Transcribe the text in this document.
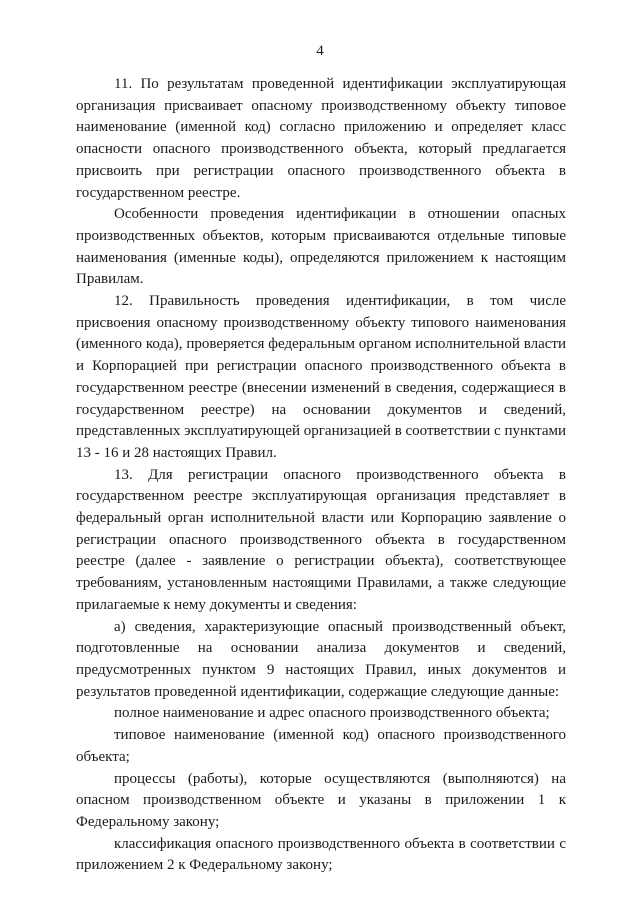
4

11. По результатам проведенной идентификации эксплуатирующая организация присваивает опасному производственному объекту типовое наименование (именной код) согласно приложению и определяет класс опасности опасного производственного объекта, который предлагается присвоить при регистрации опасного производственного объекта в государственном реестре.

Особенности проведения идентификации в отношении опасных производственных объектов, которым присваиваются отдельные типовые наименования (именные коды), определяются приложением к настоящим Правилам.

12. Правильность проведения идентификации, в том числе присвоения опасному производственному объекту типового наименования (именного кода), проверяется федеральным органом исполнительной власти и Корпорацией при регистрации опасного производственного объекта в государственном реестре (внесении изменений в сведения, содержащиеся в государственном реестре) на основании документов и сведений, представленных эксплуатирующей организацией в соответствии с пунктами 13 - 16 и 28 настоящих Правил.

13. Для регистрации опасного производственного объекта в государственном реестре эксплуатирующая организация представляет в федеральный орган исполнительной власти или Корпорацию заявление о регистрации опасного производственного объекта в государственном реестре (далее - заявление о регистрации объекта), соответствующее требованиям, установленным настоящими Правилами, а также следующие прилагаемые к нему документы и сведения:

а) сведения, характеризующие опасный производственный объект, подготовленные на основании анализа документов и сведений, предусмотренных пунктом 9 настоящих Правил, иных документов и результатов проведенной идентификации, содержащие следующие данные:

полное наименование и адрес опасного производственного объекта;

типовое наименование (именной код) опасного производственного объекта;

процессы (работы), которые осуществляются (выполняются) на опасном производственном объекте и указаны в приложении 1 к Федеральному закону;

классификация опасного производственного объекта в соответствии с приложением 2 к Федеральному закону;
